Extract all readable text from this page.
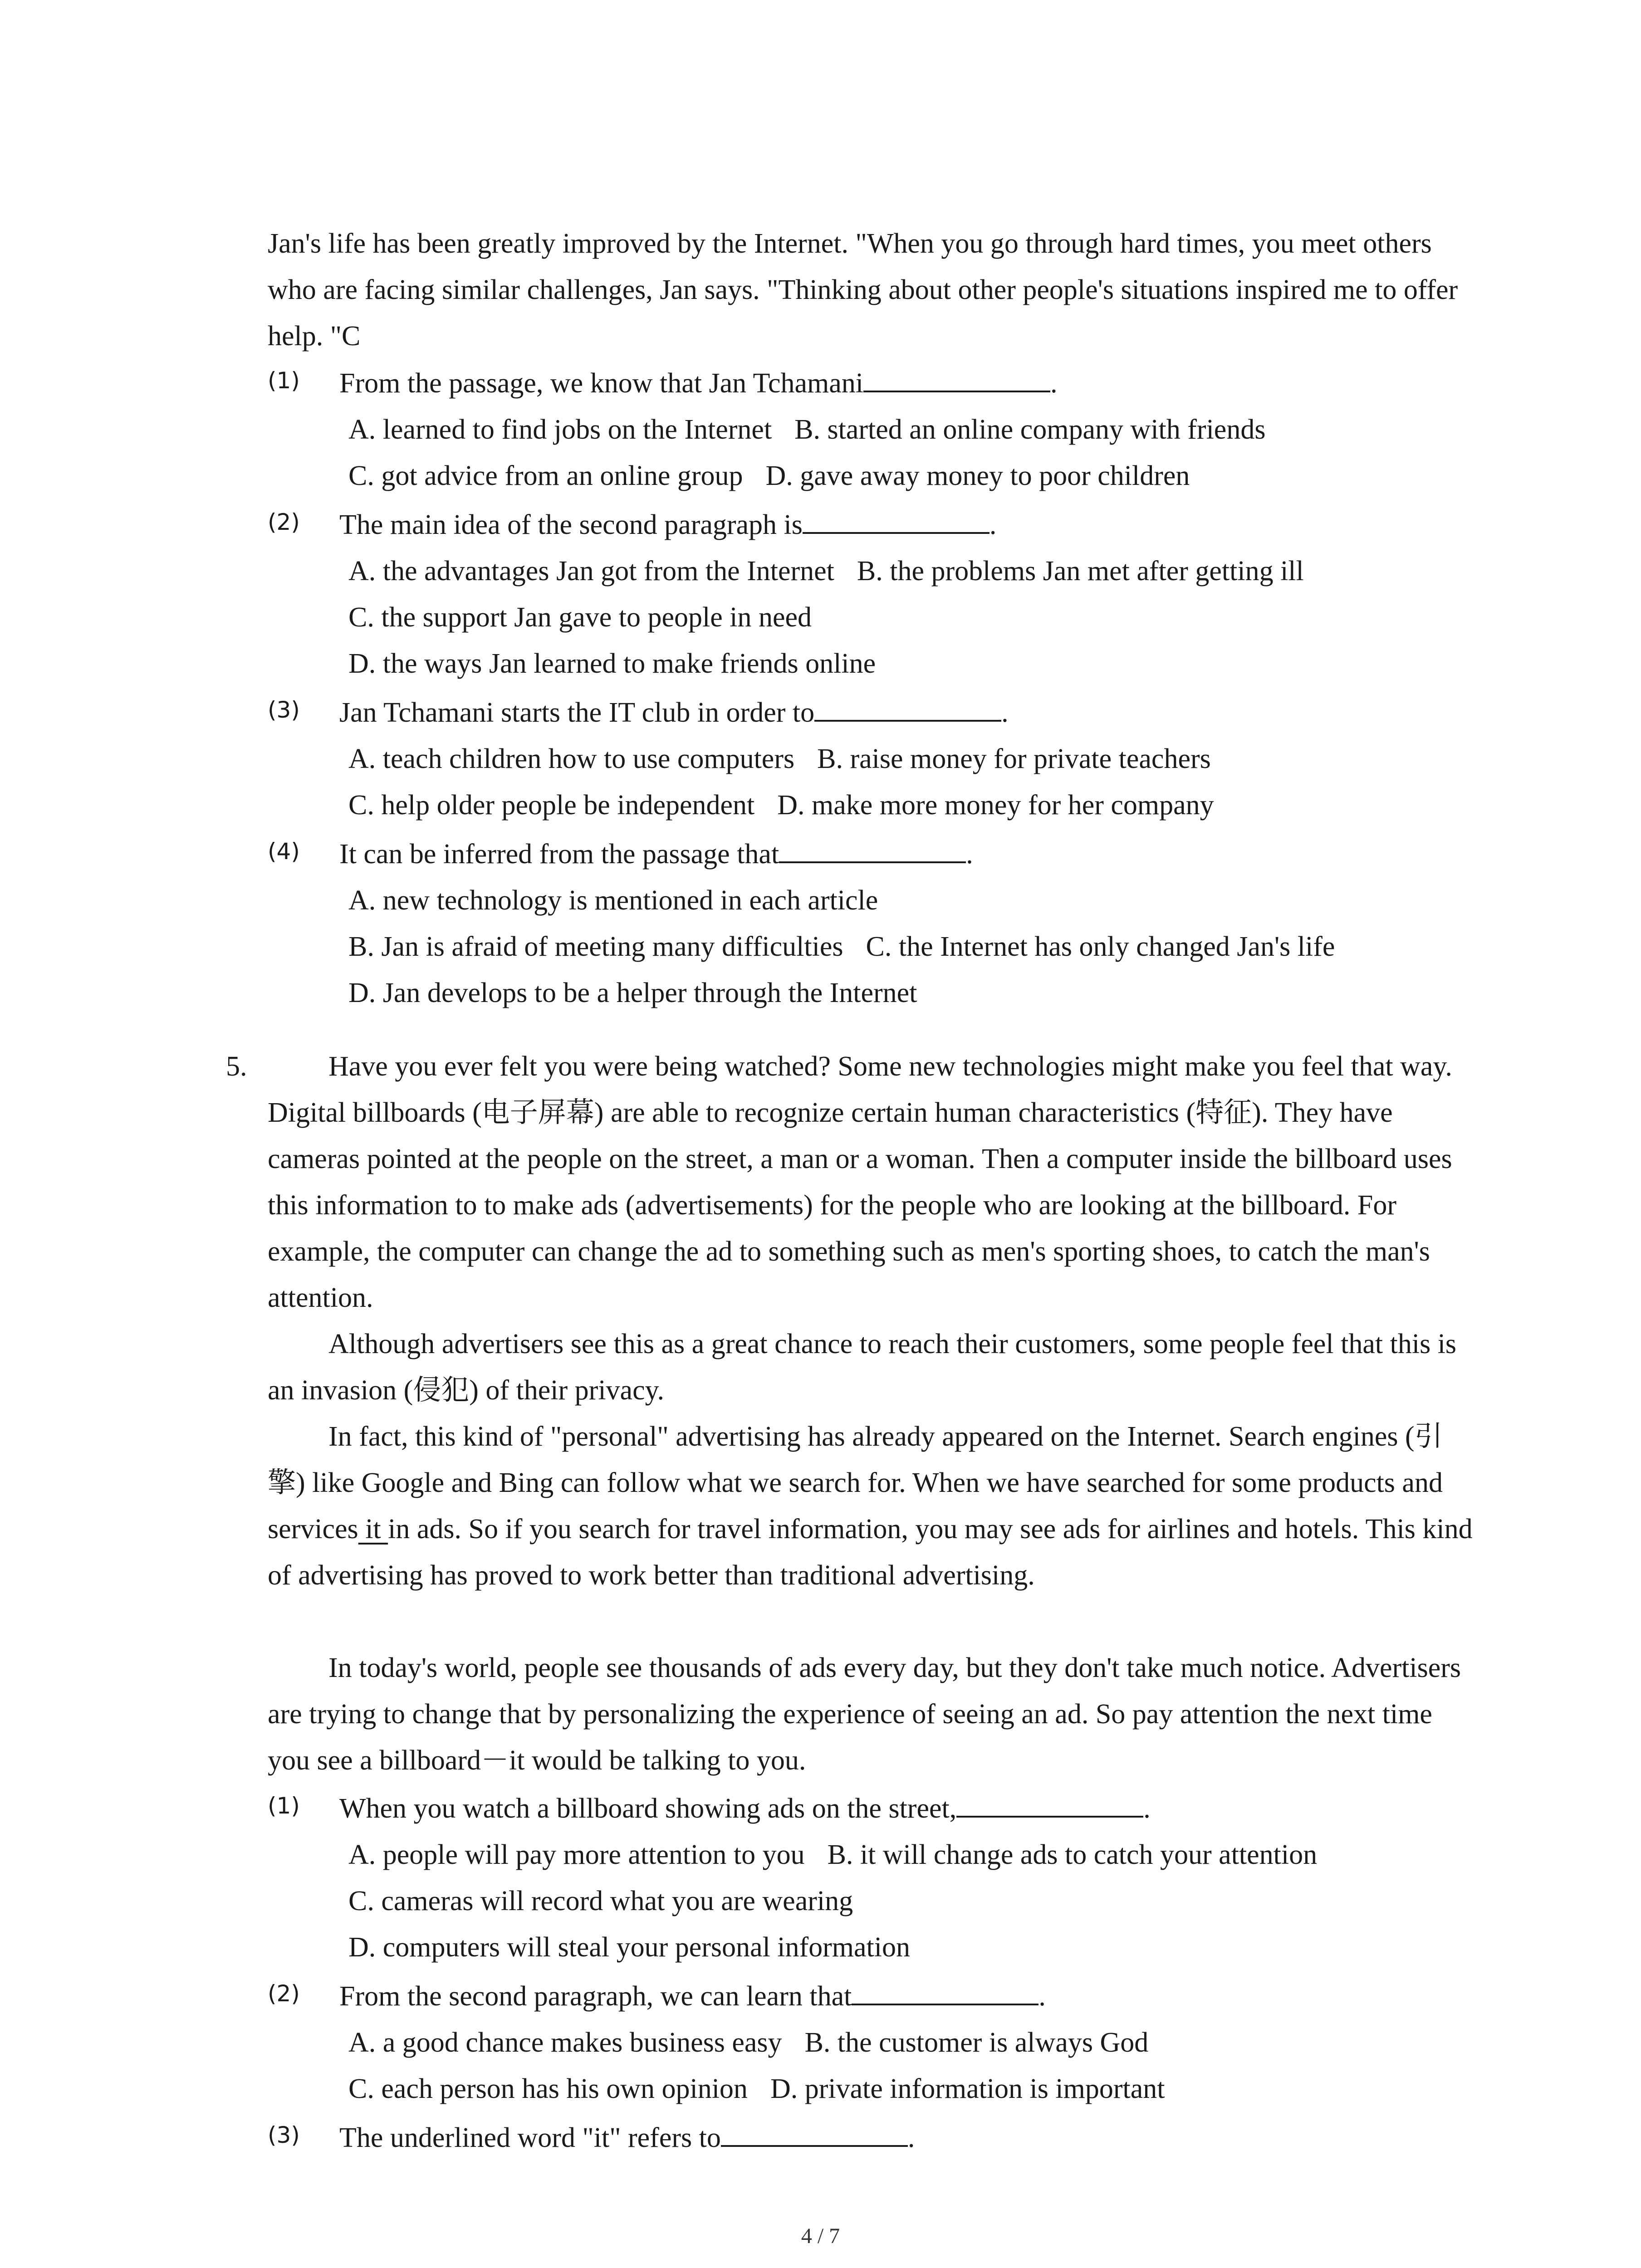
Jan's life has been greatly improved by the Internet. "When you go through hard times, you meet others who are facing similar challenges, Jan says. "Thinking about other people's situations inspired me to offer help. "C
(1) From the passage, we know that Jan Tchamani	.
A. learned to find jobs on the Internet B. started an online company with friends
C. got advice from an online group D. gave away money to poor children
(2) The main idea of the second paragraph is	.
A. the advantages Jan got from the Internet B. the problems Jan met after getting ill
C. the support Jan gave to people in need
D. the ways Jan learned to make friends online
(3) Jan Tchamani starts the IT club in order to	.
A. teach children how to use computers B. raise money for private teachers
C. help older people be independent D. make more money for her company
(4) It can be inferred from the passage that	.
A. new technology is mentioned in each article
B. Jan is afraid of meeting many difficulties C. the Internet has only changed Jan's life
D. Jan develops to be a helper through the Internet
5.	Have you ever felt you were being watched? Some new technologies might make you feel that way. Digital billboards (电子屏幕) are able to recognize certain human characteristics (特征). They have cameras pointed at the people on the street, a man or a woman. Then a computer inside the billboard uses this information to to make ads (advertisements) for the people who are looking at the billboard. For example, the computer can change the ad to something such as men's sporting shoes, to catch the man's attention.
Although advertisers see this as a great chance to reach their customers, some people feel that this is an invasion (侵犯) of their privacy.
In fact, this kind of "personal" advertising has already appeared on the Internet. Search engines (引擎) like Google and Bing can follow what we search for. When we have searched for some products and services it in ads. So if you search for travel information, you may see ads for airlines and hotels. This kind of advertising has proved to work better than traditional advertising.
In today's world, people see thousands of ads every day, but they don't take much notice. Advertisers are trying to change that by personalizing the experience of seeing an ad. So pay attention the next time you see a billboard－it would be talking to you.
(1) When you watch a billboard showing ads on the street,	.
A. people will pay more attention to you B. it will change ads to catch your attention
C. cameras will record what you are wearing
D. computers will steal your personal information
(2) From the second paragraph, we can learn that	.
A. a good chance makes business easy B. the customer is always God
C. each person has his own opinion D. private information is important
(3) The underlined word "it" refers to	.
4 / 7
